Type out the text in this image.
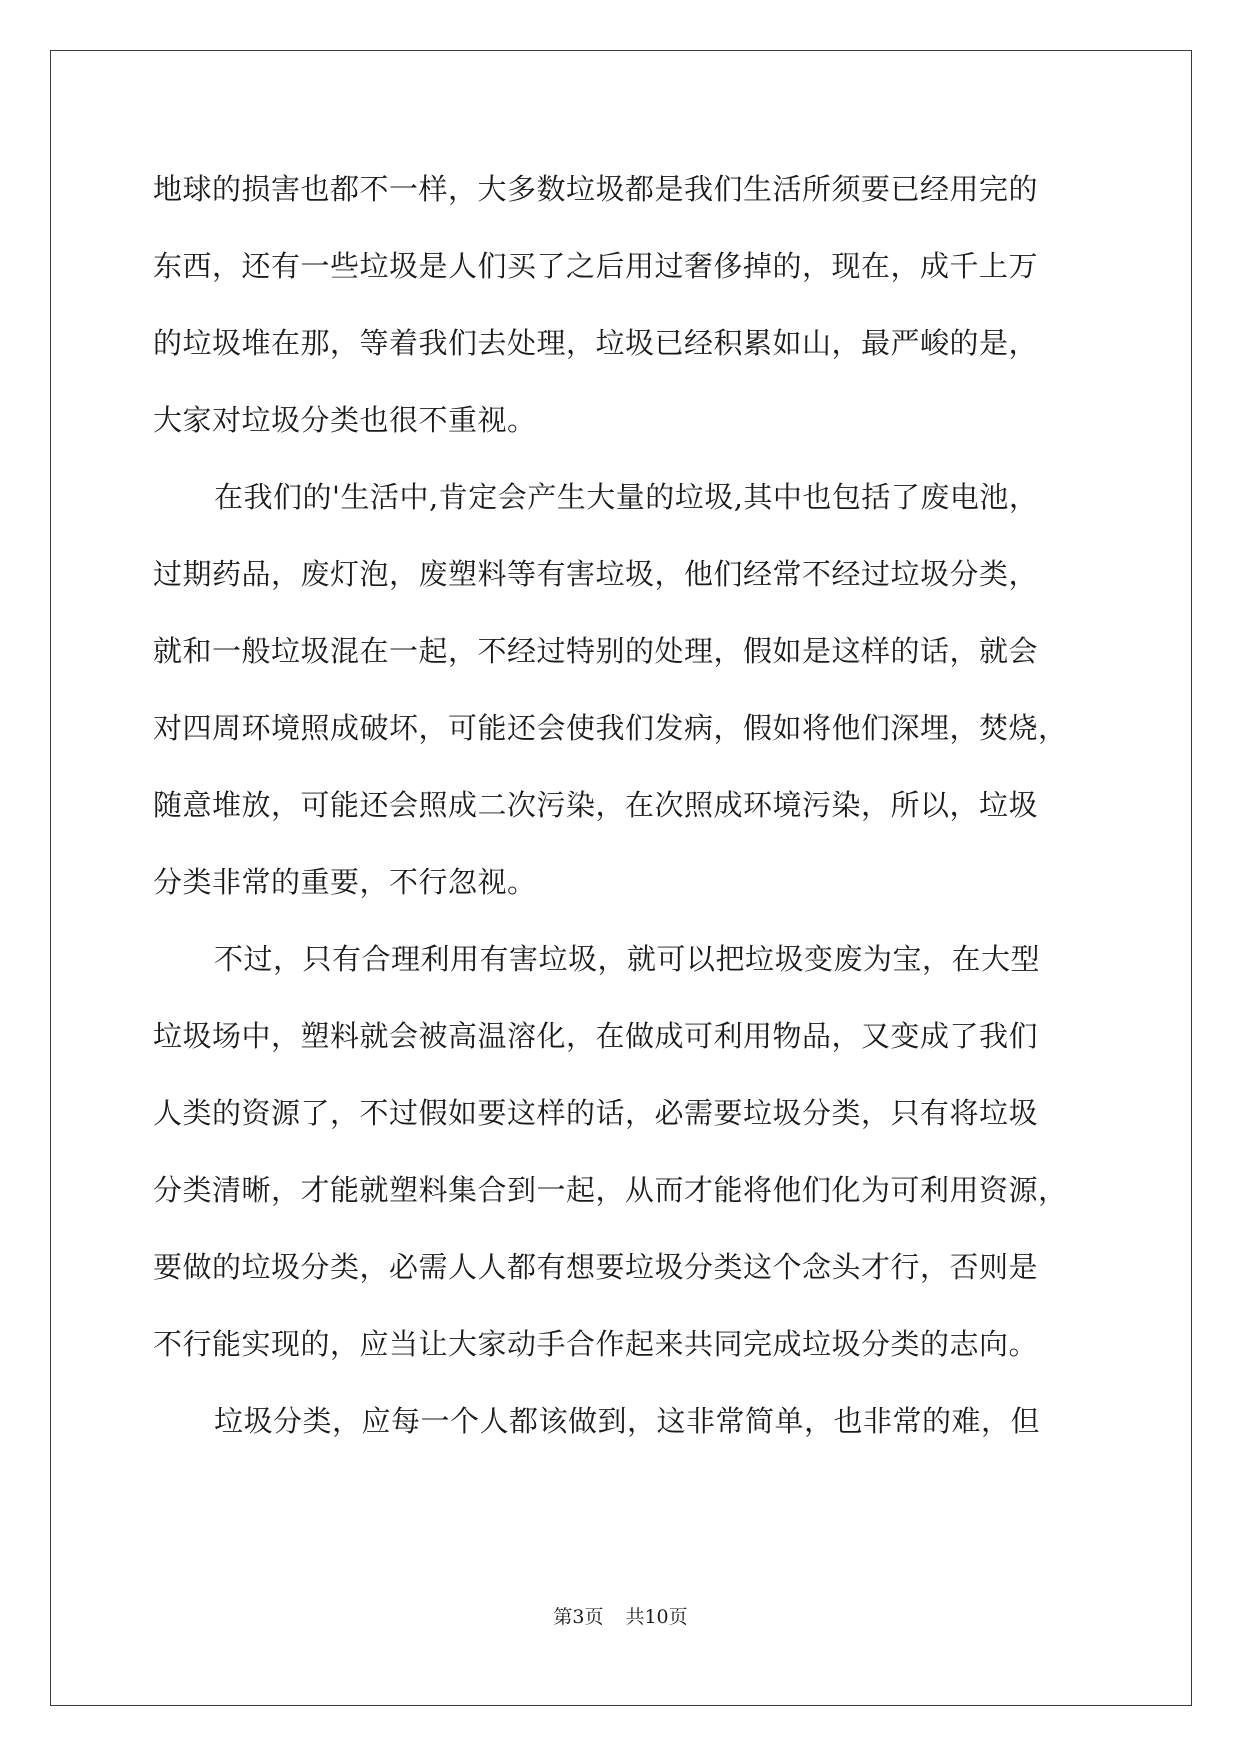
地球的损害也都不一样，大多数垃圾都是我们生活所须要已经用完的
东西，还有一些垃圾是人们买了之后用过奢侈掉的，现在，成千上万
的垃圾堆在那，等着我们去处理，垃圾已经积累如山，最严峻的是，
大家对垃圾分类也很不重视。
在我们的'生活中,肯定会产生大量的垃圾,其中也包括了废电池，
过期药品，废灯泡，废塑料等有害垃圾，他们经常不经过垃圾分类，
就和一般垃圾混在一起，不经过特别的处理，假如是这样的话，就会
对四周环境照成破坏，可能还会使我们发病，假如将他们深埋，焚烧，
随意堆放，可能还会照成二次污染，在次照成环境污染，所以，垃圾
分类非常的重要，不行忽视。
不过，只有合理利用有害垃圾，就可以把垃圾变废为宝，在大型
垃圾场中，塑料就会被高温溶化，在做成可利用物品，又变成了我们
人类的资源了，不过假如要这样的话，必需要垃圾分类，只有将垃圾
分类清晰，才能就塑料集合到一起，从而才能将他们化为可利用资源，
要做的垃圾分类，必需人人都有想要垃圾分类这个念头才行，否则是
不行能实现的，应当让大家动手合作起来共同完成垃圾分类的志向。
垃圾分类，应每一个人都该做到，这非常简单，也非常的难，但
第3页 共10页
